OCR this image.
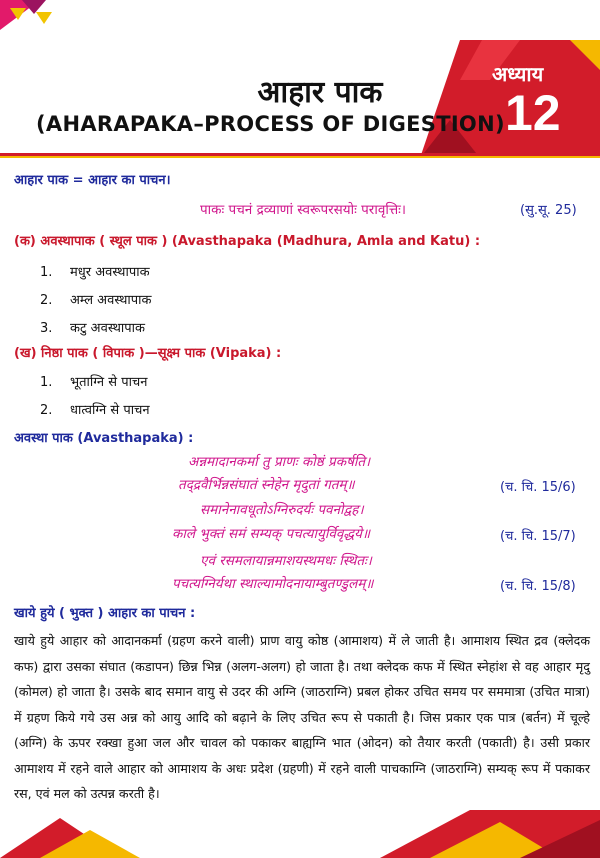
अध्याय
12
आहार पाक
(AHARAPAKA–PROCESS OF DIGESTION)
आहार पाक = आहार का पाचन।
पाकः पचनं द्रव्याणां स्वरूपरसयोः परावृत्तिः।	(सु.सू. 25)
(क) अवस्थापाक ( स्थूल पाक ) (Avasthapaka (Madhura, Amla and Katu) :
1. मधुर अवस्थापाक
2. अम्ल अवस्थापाक
3. कटु अवस्थापाक
(ख) निष्ठा पाक ( विपाक )—सूक्ष्म पाक (Vipaka) :
1. भूताग्नि से पाचन
2. धात्वग्नि से पाचन
अवस्था पाक (Avasthapaka) :
अन्नमादानकर्मा तु प्राणः कोष्ठं प्रकर्षति।
तद्द्रवैर्भिन्नसंघातं स्नेहेन मृदुतां गतम्॥	(च. चि. 15/6)
समानेनावधूतोऽग्निरुदर्यः पवनोद्वह।
काले भुक्तं समं सम्यक् पचत्यायुर्विवृद्धये॥	(च. चि. 15/7)
एवं रसमलायान्नमाशयस्थमधः स्थितः।
पचत्यग्निर्यथा स्थाल्यामोदनायाम्बुतण्डुलम्॥	(च. चि. 15/8)
खाये हुये ( भुक्त ) आहार का पाचन :
खाये हुये आहार को आदानकर्मा (ग्रहण करने वाली) प्राण वायु कोष्ठ (आमाशय) में ले जाती है। आमाशय स्थित द्रव (क्लेदक कफ) द्वारा उसका संघात (कडापन) छिन्न भिन्न (अलग-अलग) हो जाता है। तथा क्लेदक कफ में स्थित स्नेहांश से वह आहार मृदु (कोमल) हो जाता है। उसके बाद समान वायु से उदर की अग्नि (जाठराग्नि) प्रबल होकर उचित समय पर सममात्रा (उचित मात्रा) में ग्रहण किये गये उस अन्न को आयु आदि को बढ़ाने के लिए उचित रूप से पकाती है। जिस प्रकार एक पात्र (बर्तन) में चूल्हे (अग्नि) के ऊपर रक्खा हुआ जल और चावल को पकाकर बाह्यग्नि भात (ओदन) को तैयार करती (पकाती) है। उसी प्रकार आमाशय में रहने वाले आहार को आमाशय के अधः प्रदेश (ग्रहणी) में रहने वाली पाचकाग्नि (जाठराग्नि) सम्यक् रूप में पकाकर रस, एवं मल को उत्पन्न करती है।
